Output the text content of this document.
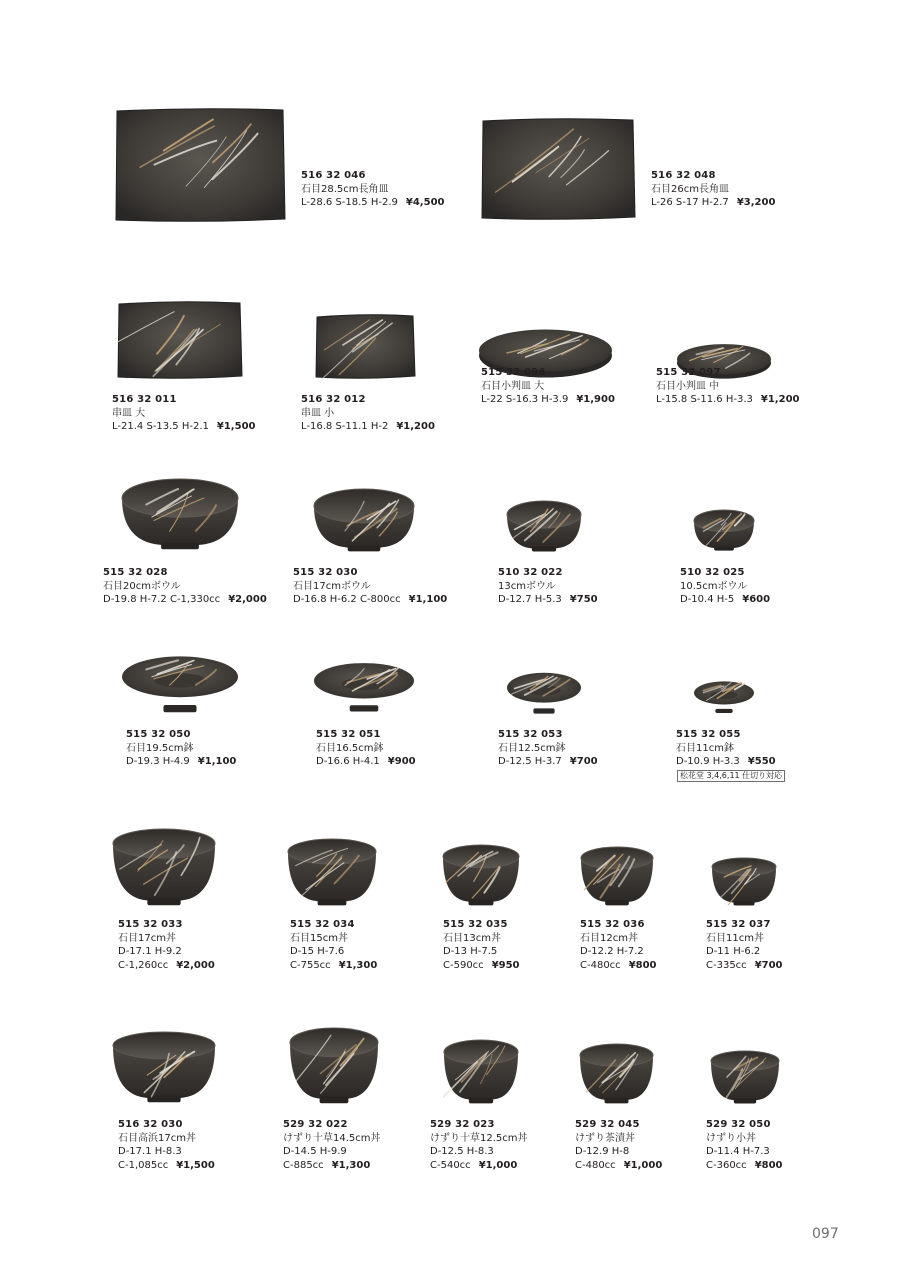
516 32 046
石目28.5cm長角皿
L-28.6 S-18.5 H-2.9 ¥4,500
516 32 048
石目26cm長角皿
L-26 S-17 H-2.7 ¥3,200
516 32 011
串皿 大
L-21.4 S-13.5 H-2.1 ¥1,500
516 32 012
串皿 小
L-16.8 S-11.1 H-2 ¥1,200
515 32 096
石目小判皿 大
L-22 S-16.3 H-3.9 ¥1,900
515 32 097
石目小判皿 中
L-15.8 S-11.6 H-3.3 ¥1,200
515 32 028
石目20cmボウル
D-19.8 H-7.2 C-1,330cc ¥2,000
515 32 030
石目17cmボウル
D-16.8 H-6.2 C-800cc ¥1,100
510 32 022
13cmボウル
D-12.7 H-5.3 ¥750
510 32 025
10.5cmボウル
D-10.4 H-5 ¥600
515 32 050
石目19.5cm鉢
D-19.3 H-4.9 ¥1,100
515 32 051
石目16.5cm鉢
D-16.6 H-4.1 ¥900
515 32 053
石目12.5cm鉢
D-12.5 H-3.7 ¥700
515 32 055
石目11cm鉢
D-10.9 H-3.3 ¥550
松花堂 3,4,6,11 仕切り対応
515 32 033
石目17cm丼
D-17.1 H-9.2
C-1,260cc ¥2,000
515 32 034
石目15cm丼
D-15 H-7.6
C-755cc ¥1,300
515 32 035
石目13cm丼
D-13 H-7.5
C-590cc ¥950
515 32 036
石目12cm丼
D-12.2 H-7.2
C-480cc ¥800
515 32 037
石目11cm丼
D-11 H-6.2
C-335cc ¥700
516 32 030
石目高浜17cm丼
D-17.1 H-8.3
C-1,085cc ¥1,500
529 32 022
けずり十草14.5cm丼
D-14.5 H-9.9
C-885cc ¥1,300
529 32 023
けずり十草12.5cm丼
D-12.5 H-8.3
C-540cc ¥1,000
529 32 045
けずり茶漬丼
D-12.9 H-8
C-480cc ¥1,000
529 32 050
けずり小丼
D-11.4 H-7.3
C-360cc ¥800
097
